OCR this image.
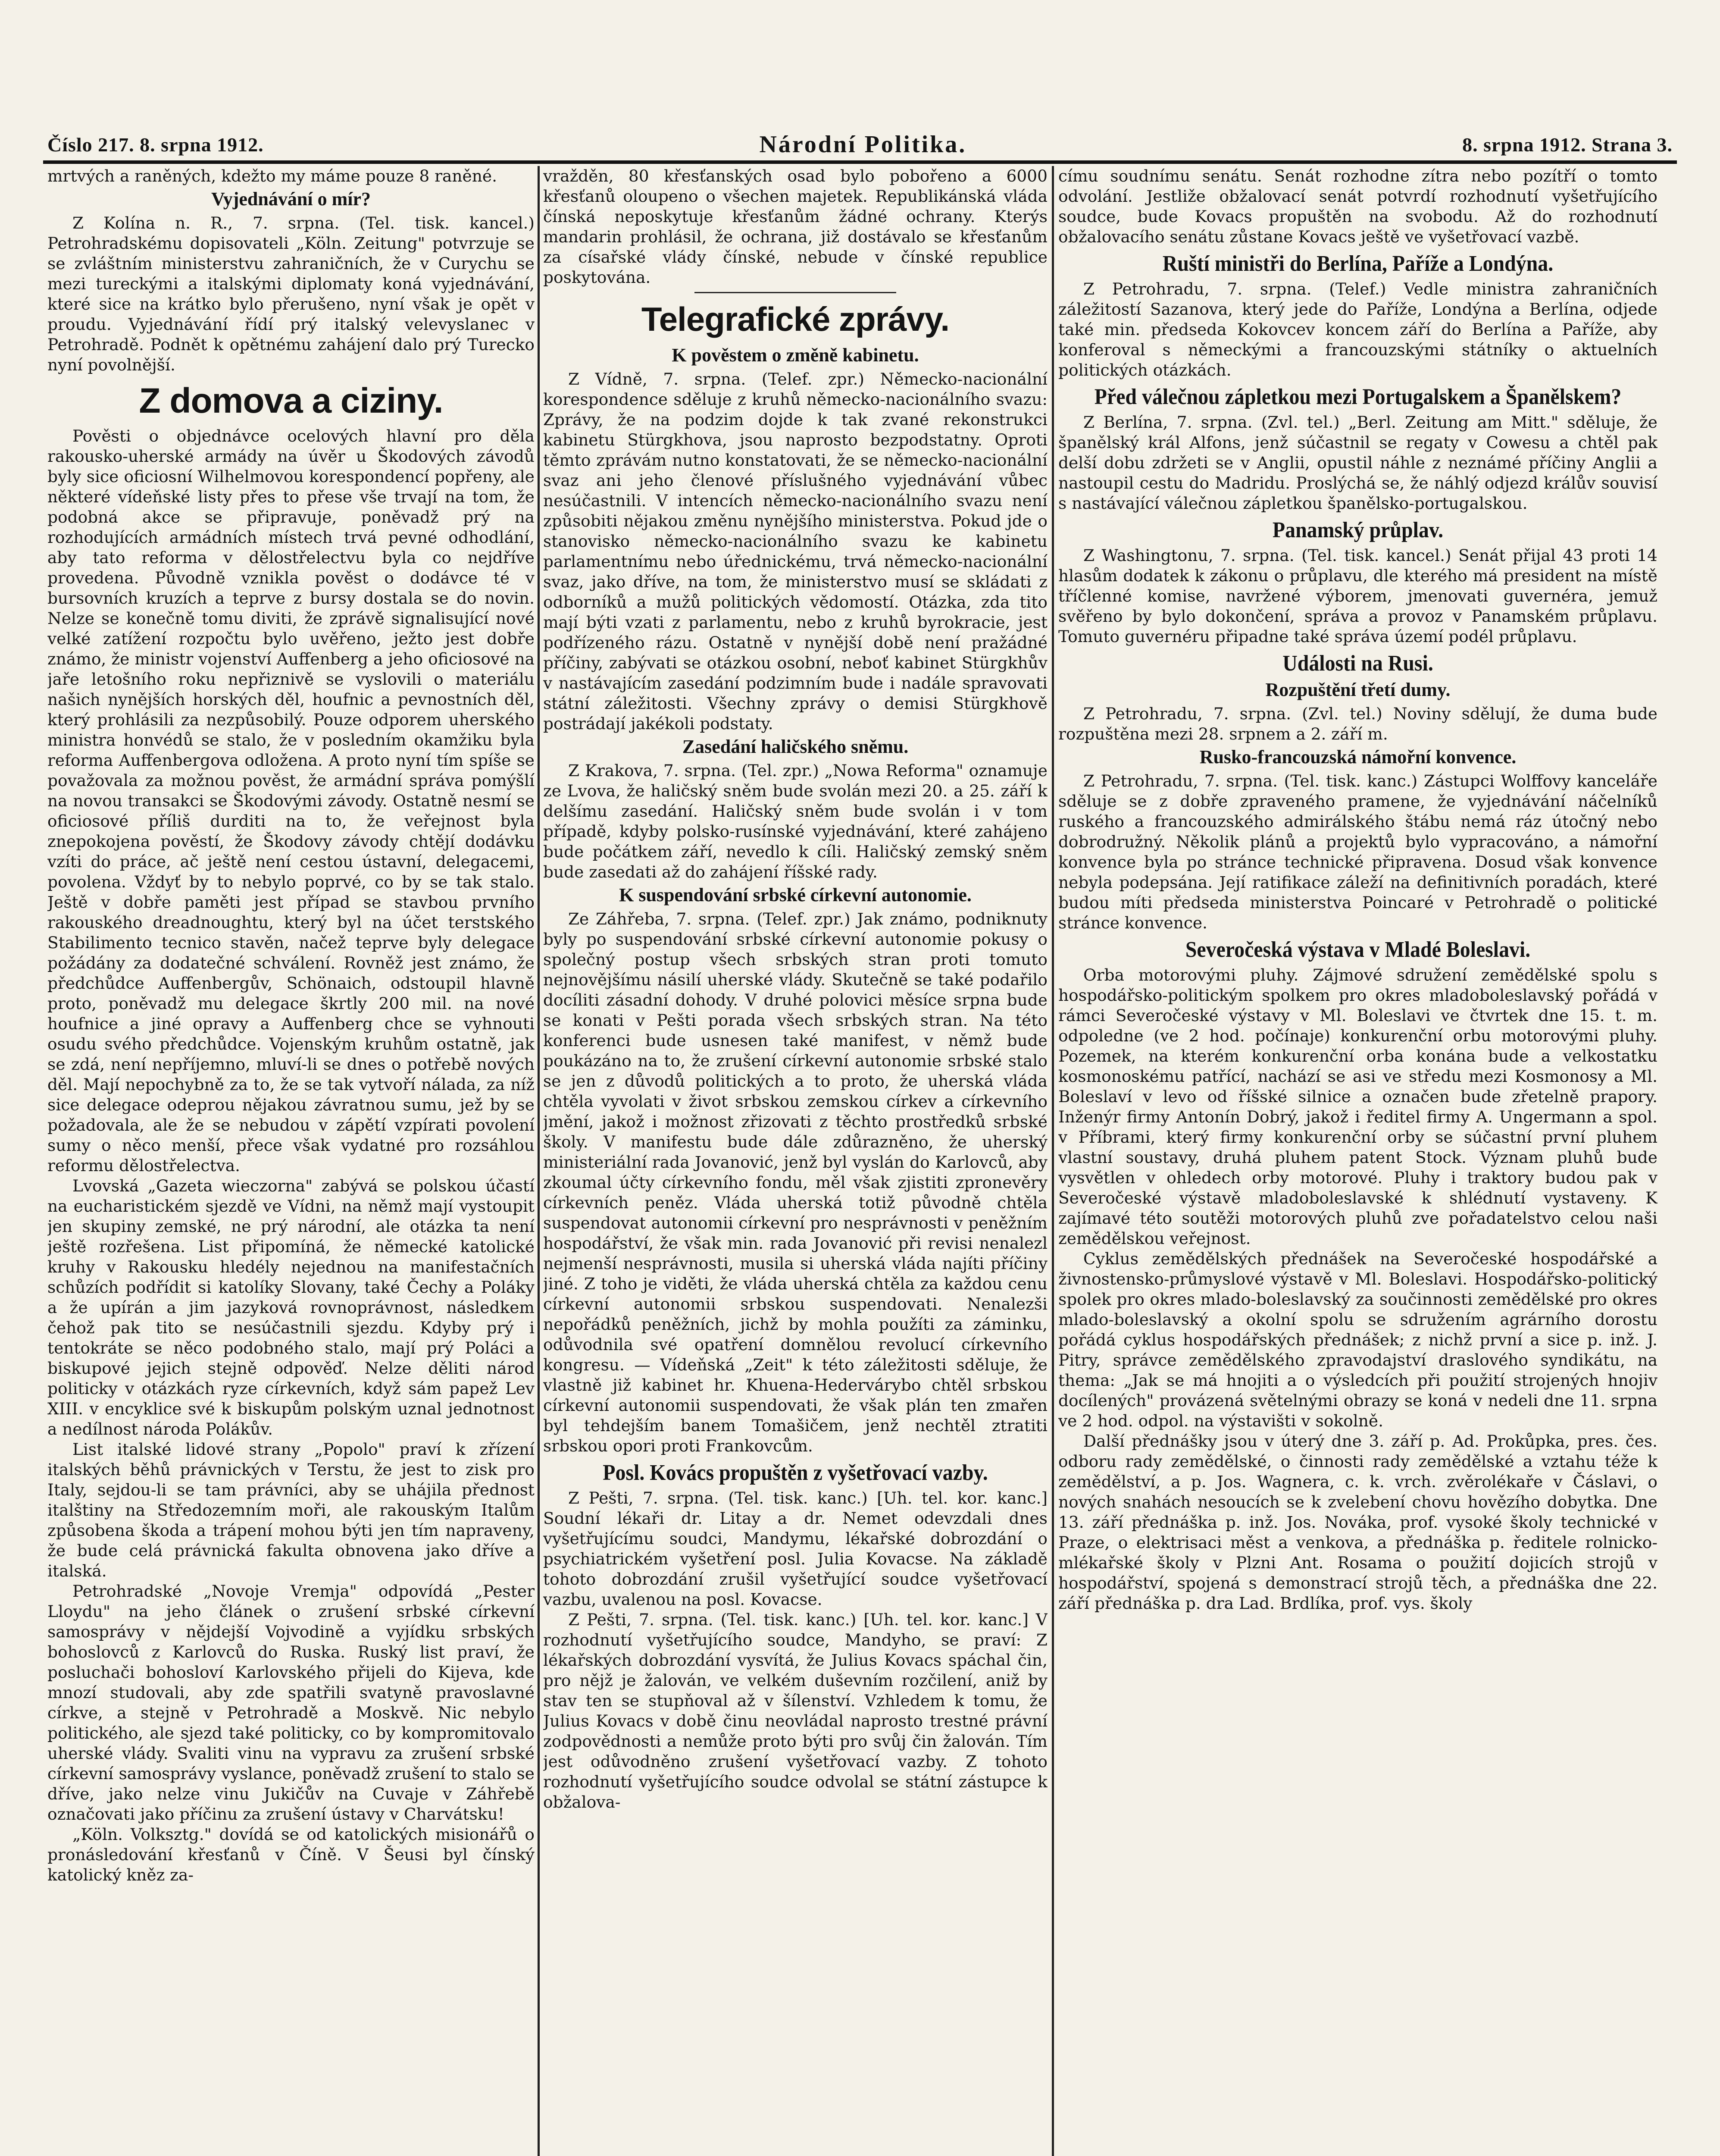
Číslo 217. 8. srpna 1912.	Národní Politika.	8. srpna 1912. Strana 3.

mrtvých a raněných, kdežto my máme pouze 8 raněné.

Vyjednávání o mír?

Z Kolína n. R., 7. srpna. (Tel. tisk. kancel.) Petrohradskému dopisovateli „Köln. Zeitung" potvrzuje se se zvláštním ministerstvu zahraničních, že v Curychu se mezi tureckými a italskými diplomaty koná vyjednávání, které sice na krátko bylo přerušeno, nyní však je opět v proudu. Vyjednávání řídí prý italský velevyslanec v Petrohradě. Podnět k opětnému zahájení dalo prý Turecko nyní povolnější.

Z domova a ciziny.

Pověsti o objednávce ocelových hlavní pro děla rakousko-uherské armády na úvěr u Škodových závodů byly sice oficiosní Wilhelmovou korespondencí popřeny, ale některé vídeňské listy přes to přese vše trvají na tom, že podobná akce se připravuje, poněvadž prý na rozhodujících armádních místech trvá pevné odhodlání, aby tato reforma v dělostřelectvu byla co nejdříve provedena. Původně vznikla pověst o dodávce té v bursovních kruzích a teprve z bursy dostala se do novin. Nelze se konečně tomu diviti, že zprávě signalisující nové velké zatížení rozpočtu bylo uvěřeno, ježto jest dobře známo, že ministr vojenství Auffenberg a jeho oficiosové na jaře letošního roku nepřiznivě se vyslovili o materiálu našich nynějších horských děl, houfnic a pevnostních děl, který prohlásili za nezpůsobilý. Pouze odporem uherského ministra honvédů se stalo, že v posledním okamžiku byla reforma Auffenbergova odložena. A proto nyní tím spíše se považovala za možnou pověst, že armádní správa pomýšlí na novou transakci se Škodovými závody. Ostatně nesmí se oficiosové příliš durditi na to, že veřejnost byla znepokojena pověstí, že Škodovy závody chtějí dodávku vzíti do práce, ač ještě není cestou ústavní, delegacemi, povolena. Vždyť by to nebylo poprvé, co by se tak stalo. Ještě v dobře paměti jest případ se stavbou prvního rakouského dreadnoughtu, který byl na účet terstského Stabilimento tecnico stavěn, načež teprve byly delegace požádány za dodatečné schválení. Rovněž jest známo, že předchůdce Auffenbergův, Schönaich, odstoupil hlavně proto, poněvadž mu delegace škrtly 200 mil. na nové houfnice a jiné opravy a Auffenberg chce se vyhnouti osudu svého předchůdce. Vojenským kruhům ostatně, jak se zdá, není nepříjemno, mluví-li se dnes o potřebě nových děl. Mají nepochybně za to, že se tak vytvoří nálada, za níž sice delegace odeprou nějakou závratnou sumu, jež by se požadovala, ale že se nebudou v zápětí vzpírati povolení sumy o něco menší, přece však vydatné pro rozsáhlou reformu dělostřelectva.

Lvovská „Gazeta wieczorna" zabývá se polskou účastí na eucharistickém sjezdě ve Vídni, na němž mají vystoupit jen skupiny zemské, ne prý národní, ale otázka ta není ještě rozřešena. List připomíná, že německé katolické kruhy v Rakousku hledély nejednou na manifestačních schůzích podřídit si katolíky Slovany, také Čechy a Poláky a že upírán a jim jazyková rovnoprávnost, následkem čehož pak tito se nesúčastnili sjezdu. Kdyby prý i tentokráte se něco podobného stalo, mají prý Poláci a biskupové jejich stejně odpověď. Nelze děliti národ politicky v otázkách ryze církevních, když sám papež Lev XIII. v encyklice své k biskupům polským uznal jednotnost a nedílnost národa Polákův.

List italské lidové strany „Popolo" praví k zřízení italských běhů právnických v Terstu, že jest to zisk pro Italy, sejdou-li se tam právníci, aby se uhájila přednost italštiny na Středozemním moři, ale rakouským Italům způsobena škoda a trápení mohou býti jen tím napraveny, že bude celá právnická fakulta obnovena jako dříve a italská.

Petrohradské „Novoje Vremja" odpovídá „Pester Lloydu" na jeho článek o zrušení srbské církevní samosprávy v nějdejší Vojvodině a vyjídku srbských bohoslovců z Karlovců do Ruska. Ruský list praví, že posluchači bohosloví Karlovského přijeli do Kijeva, kde mnozí studovali, aby zde spatřili svatyně pravoslavné církve, a stejně v Petrohradě a Moskvě. Nic nebylo politického, ale sjezd také politicky, co by kompromitovalo uherské vlády. Svaliti vinu na vypravu za zrušení srbské církevní samosprávy vyslance, poněvadž zrušení to stalo se dříve, jako nelze vinu Jukičův na Cuvaje v Záhřebě označovati jako příčinu za zrušení ústavy v Charvátsku!

„Köln. Volksztg." dovídá se od katolických misionářů o pronásledování křesťanů v Číně. V Šeusi byl čínský katolický kněz za-

vražděn, 80 křesťanských osad bylo pobořeno a 6000 křesťanů oloupeno o všechen majetek. Republikánská vláda čínská neposkytuje křesťanům žádné ochrany. Kterýs mandarin prohlásil, že ochrana, již dostávalo se křesťanům za císařské vlády čínské, nebude v čínské republice poskytována.

Telegrafické zprávy.
K pověstem o změně kabinetu.

Z Vídně, 7. srpna. (Telef. zpr.) Německo-nacionální korespondence sděluje z kruhů německo-nacionálního svazu: Zprávy, že na podzim dojde k tak zvané rekonstrukci kabinetu Stürgkhova, jsou naprosto bezpodstatny. Oproti těmto zprávám nutno konstatovati, že se německo-nacionální svaz ani jeho členové příslušného vyjednávání vůbec nesúčastnili. V intencích německo-nacionálního svazu není způsobiti nějakou změnu nynějšího ministerstva. Pokud jde o stanovisko německo-nacionálního svazu ke kabinetu parlamentnímu nebo úřednickému, trvá německo-nacionální svaz, jako dříve, na tom, že ministerstvo musí se skládati z odborníků a mužů politických vědomostí. Otázka, zda tito mají býti vzati z parlamentu, nebo z kruhů byrokracie, jest podřízeného rázu. Ostatně v nynější době není pražádné příčiny, zabývati se otázkou osobní, neboť kabinet Stürgkhův v nastávajícím zasedání podzimním bude i nadále spravovati státní záležitosti. Všechny zprávy o demisi Stürgkhově postrádají jakékoli podstaty.

Zasedání haličského sněmu.

Z Krakova, 7. srpna. (Tel. zpr.) „Nowa Reforma" oznamuje ze Lvova, že haličský sněm bude svolán mezi 20. a 25. září k delšímu zasedání. Haličský sněm bude svolán i v tom případě, kdyby polsko-rusínské vyjednávání, které zahájeno bude počátkem září, nevedlo k cíli. Haličský zemský sněm bude zasedati až do zahájení říšské rady.

K suspendování srbské církevní autonomie.

Ze Záhřeba, 7. srpna. (Telef. zpr.) Jak známo, podniknuty byly po suspendování srbské církevní autonomie pokusy o společný postup všech srbských stran proti tomuto nejnovějšímu násilí uherské vlády. Skutečně se také podařilo docíliti zásadní dohody. V druhé polovici měsíce srpna bude se konati v Pešti porada všech srbských stran. Na této konferenci bude usnesen také manifest, v němž bude poukázáno na to, že zrušení církevní autonomie srbské stalo se jen z důvodů politických a to proto, že uherská vláda chtěla vyvolati v život srbskou zemskou církev a církevního jmění, jakož i možnost zřizovati z těchto prostředků srbské školy. V manifestu bude dále zdůrazněno, že uherský ministeriální rada Jovanović, jenž byl vyslán do Karlovců, aby zkoumal účty církevního fondu, měl však zjistiti zpronevěry církevních peněz. Vláda uherská totiž původně chtěla suspendovat autonomii církevní pro nesprávnosti v peněžním hospodářství, že však min. rada Jovanović při revisi nenalezl nejmenší nesprávnosti, musila si uherská vláda najíti příčiny jiné. Z toho je viděti, že vláda uherská chtěla za každou cenu církevní autonomii srbskou suspendovati. Nenalezši nepořádků peněžních, jichž by mohla použíti za záminku, odůvodnila své opatření domnělou revolucí církevního kongresu. — Vídeňská „Zeit" k této záležitosti sděluje, že vlastně již kabinet hr. Khuena-Hedervárybo chtěl srbskou církevní autonomii suspendovati, že však plán ten zmařen byl tehdejším banem Tomašičem, jenž nechtěl ztratiti srbskou opori proti Frankovcům.

Posl. Kovács propuštěn z vyšetřovací vazby.

Z Pešti, 7. srpna. (Tel. tisk. kanc.) [Uh. tel. kor. kanc.] Soudní lékaři dr. Litay a dr. Nemet odevzdali dnes vyšetřujícímu soudci, Mandymu, lékařské dobrozdání o psychiatrickém vyšetření posl. Julia Kovacse. Na základě tohoto dobrozdání zrušil vyšetřující soudce vyšetřovací vazbu, uvalenou na posl. Kovacse.

Z Pešti, 7. srpna. (Tel. tisk. kanc.) [Uh. tel. kor. kanc.] V rozhodnutí vyšetřujícího soudce, Mandyho, se praví: Z lékařských dobrozdání vysvítá, že Julius Kovacs spáchal čin, pro nějž je žalován, ve velkém duševním rozčilení, aniž by stav ten se stupňoval až v šílenství. Vzhledem k tomu, že Julius Kovacs v době činu neovládal naprosto trestné právní zodpovědnosti a nemůže proto býti pro svůj čin žalován. Tím jest odůvodněno zrušení vyšetřovací vazby. Z tohoto rozhodnutí vyšetřujícího soudce odvolal se státní zástupce k obžalova-

címu soudnímu senátu. Senát rozhodne zítra nebo pozítří o tomto odvolání. Jestliže obžalovací senát potvrdí rozhodnutí vyšetřujícího soudce, bude Kovacs propuštěn na svobodu. Až do rozhodnutí obžalovacího senátu zůstane Kovacs ještě ve vyšetřovací vazbě.

Ruští ministři do Berlína, Paříže a Londýna.

Z Petrohradu, 7. srpna. (Telef.) Vedle ministra zahraničních záležitostí Sazanova, který jede do Paříže, Londýna a Berlína, odjede také min. předseda Kokovcev koncem září do Berlína a Paříže, aby konferoval s německými a francouzskými státníky o aktuelních politických otázkách.

Před válečnou zápletkou mezi Portugalskem a Španělskem?

Z Berlína, 7. srpna. (Zvl. tel.) „Berl. Zeitung am Mitt." sděluje, že španělský král Alfons, jenž súčastnil se regaty v Cowesu a chtěl pak delší dobu zdržeti se v Anglii, opustil náhle z neznámé příčiny Anglii a nastoupil cestu do Madridu. Proslýchá se, že náhlý odjezd králův souvisí s nastávající válečnou zápletkou španělsko-portugalskou.

Panamský průplav.

Z Washingtonu, 7. srpna. (Tel. tisk. kancel.) Senát přijal 43 proti 14 hlasům dodatek k zákonu o průplavu, dle kterého má president na místě tříčlenné komise, navržené výborem, jmenovati guvernéra, jemuž svěřeno by bylo dokončení, správa a provoz v Panamském průplavu. Tomuto guvernéru připadne také správa území podél průplavu.

Události na Rusi.
Rozpuštění třetí dumy.

Z Petrohradu, 7. srpna. (Zvl. tel.) Noviny sdělují, že duma bude rozpuštěna mezi 28. srpnem a 2. září m.

Rusko-francouzská námořní konvence.

Z Petrohradu, 7. srpna. (Tel. tisk. kanc.) Zástupci Wolffovy kanceláře sděluje se z dobře zpraveného pramene, že vyjednávání náčelníků ruského a francouzského admirálského štábu nemá ráz útočný nebo dobrodružný. Několik plánů a projektů bylo vypracováno, a námořní konvence byla po stránce technické připravena. Dosud však konvence nebyla podepsána. Její ratifikace záleží na definitivních poradách, které budou míti předseda ministerstva Poincaré v Petrohradě o politické stránce konvence.

Severočeská výstava v Mladé Boleslavi.

Orba motorovými pluhy. Zájmové sdružení zemědělské spolu s hospodářsko-politickým spolkem pro okres mladoboleslavský pořádá v rámci Severočeské výstavy v Ml. Boleslavi ve čtvrtek dne 15. t. m. odpoledne (ve 2 hod. počínaje) konkurenční orbu motorovými pluhy. Pozemek, na kterém konkurenční orba konána bude a velkostatku kosmonoskému patřící, nachází se asi ve středu mezi Kosmonosy a Ml. Boleslaví v levo od říšské silnice a označen bude zřetelně prapory. Inženýr firmy Antonín Dobrý, jakož i ředitel firmy A. Ungermann a spol. v Příbrami, který firmy konkurenční orby se súčastní první pluhem vlastní soustavy, druhá pluhem patent Stock. Význam pluhů bude vysvětlen v ohledech orby motorové. Pluhy i traktory budou pak v Severočeské výstavě mladoboleslavské k shlédnutí vystaveny. K zajímavé této soutěži motorových pluhů zve pořadatelstvo celou naši zemědělskou veřejnost.

Cyklus zemědělských přednášek na Severočeské hospodářské a živnostensko-průmyslové výstavě v Ml. Boleslavi. Hospodářsko-politický spolek pro okres mlado-boleslavský za součinnosti zemědělské pro okres mlado-boleslavský a okolní spolu se sdružením agrárního dorostu pořádá cyklus hospodářských přednášek; z nichž první a sice p. inž. J. Pitry, správce zemědělského zpravodajství draslového syndikátu, na thema: „Jak se má hnojiti a o výsledcích při použití strojených hnojiv docílených" provázená světelnými obrazy se koná v nedeli dne 11. srpna ve 2 hod. odpol. na výstavišti v sokolně.

Další přednášky jsou v úterý dne 3. září p. Ad. Prokůpka, pres. čes. odboru rady zemědělské, o činnosti rady zemědělské a vztahu téže k zemědělství, a p. Jos. Wagnera, c. k. vrch. zvěrolékaře v Čáslavi, o nových snahách nesoucích se k zvelebení chovu hovězího dobytka. Dne 13. září přednáška p. inž. Jos. Nováka, prof. vysoké školy technické v Praze, o elektrisaci měst a venkova, a přednáška p. ředitele rolnicko-mlékařské školy v Plzni Ant. Rosama o použití dojicích strojů v hospodářství, spojená s demonstrací strojů těch, a přednáška dne 22. září přednáška p. dra Lad. Brdlíka, prof. vys. školy
